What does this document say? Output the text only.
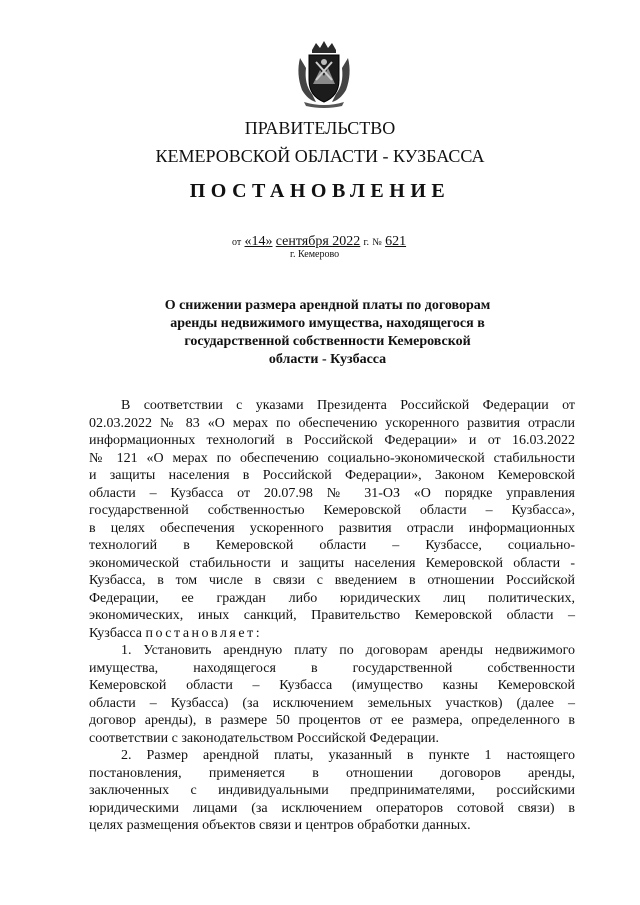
ПРАВИТЕЛЬСТВО
КЕМЕРОВСКОЙ ОБЛАСТИ - КУЗБАССА
ПОСТАНОВЛЕНИЕ
от «14» сентября 2022 г. № 621
г. Кемерово
О снижении размера арендной платы по договорам
аренды недвижимого имущества, находящегося в
государственной собственности Кемеровской
области - Кузбасса
В соответствии с указами Президента Российской Федерации от
02.03.2022 № 83 «О мерах по обеспечению ускоренного развития отрасли
информационных технологий в Российской Федерации» и от 16.03.2022
№ 121 «О мерах по обеспечению социально-экономической стабильности
и защиты населения в Российской Федерации», Законом Кемеровской
области – Кузбасса от 20.07.98 № 31-ОЗ «О порядке управления
государственной собственностью Кемеровской области – Кузбасса»,
в целях обеспечения ускоренного развития отрасли информационных
технологий в Кемеровской области – Кузбассе, социально-
экономической стабильности и защиты населения Кемеровской области -
Кузбасса, в том числе в связи с введением в отношении Российской
Федерации, ее граждан либо юридических лиц политических,
экономических, иных санкций, Правительство Кемеровской области –
Кузбасса постановляет:
1. Установить арендную плату по договорам аренды недвижимого
имущества, находящегося в государственной собственности
Кемеровской области – Кузбасса (имущество казны Кемеровской
области – Кузбасса) (за исключением земельных участков) (далее –
договор аренды), в размере 50 процентов от ее размера, определенного в
соответствии с законодательством Российской Федерации.
2. Размер арендной платы, указанный в пункте 1 настоящего
постановления, применяется в отношении договоров аренды,
заключенных с индивидуальными предпринимателями, российскими
юридическими лицами (за исключением операторов сотовой связи) в
целях размещения объектов связи и центров обработки данных.
